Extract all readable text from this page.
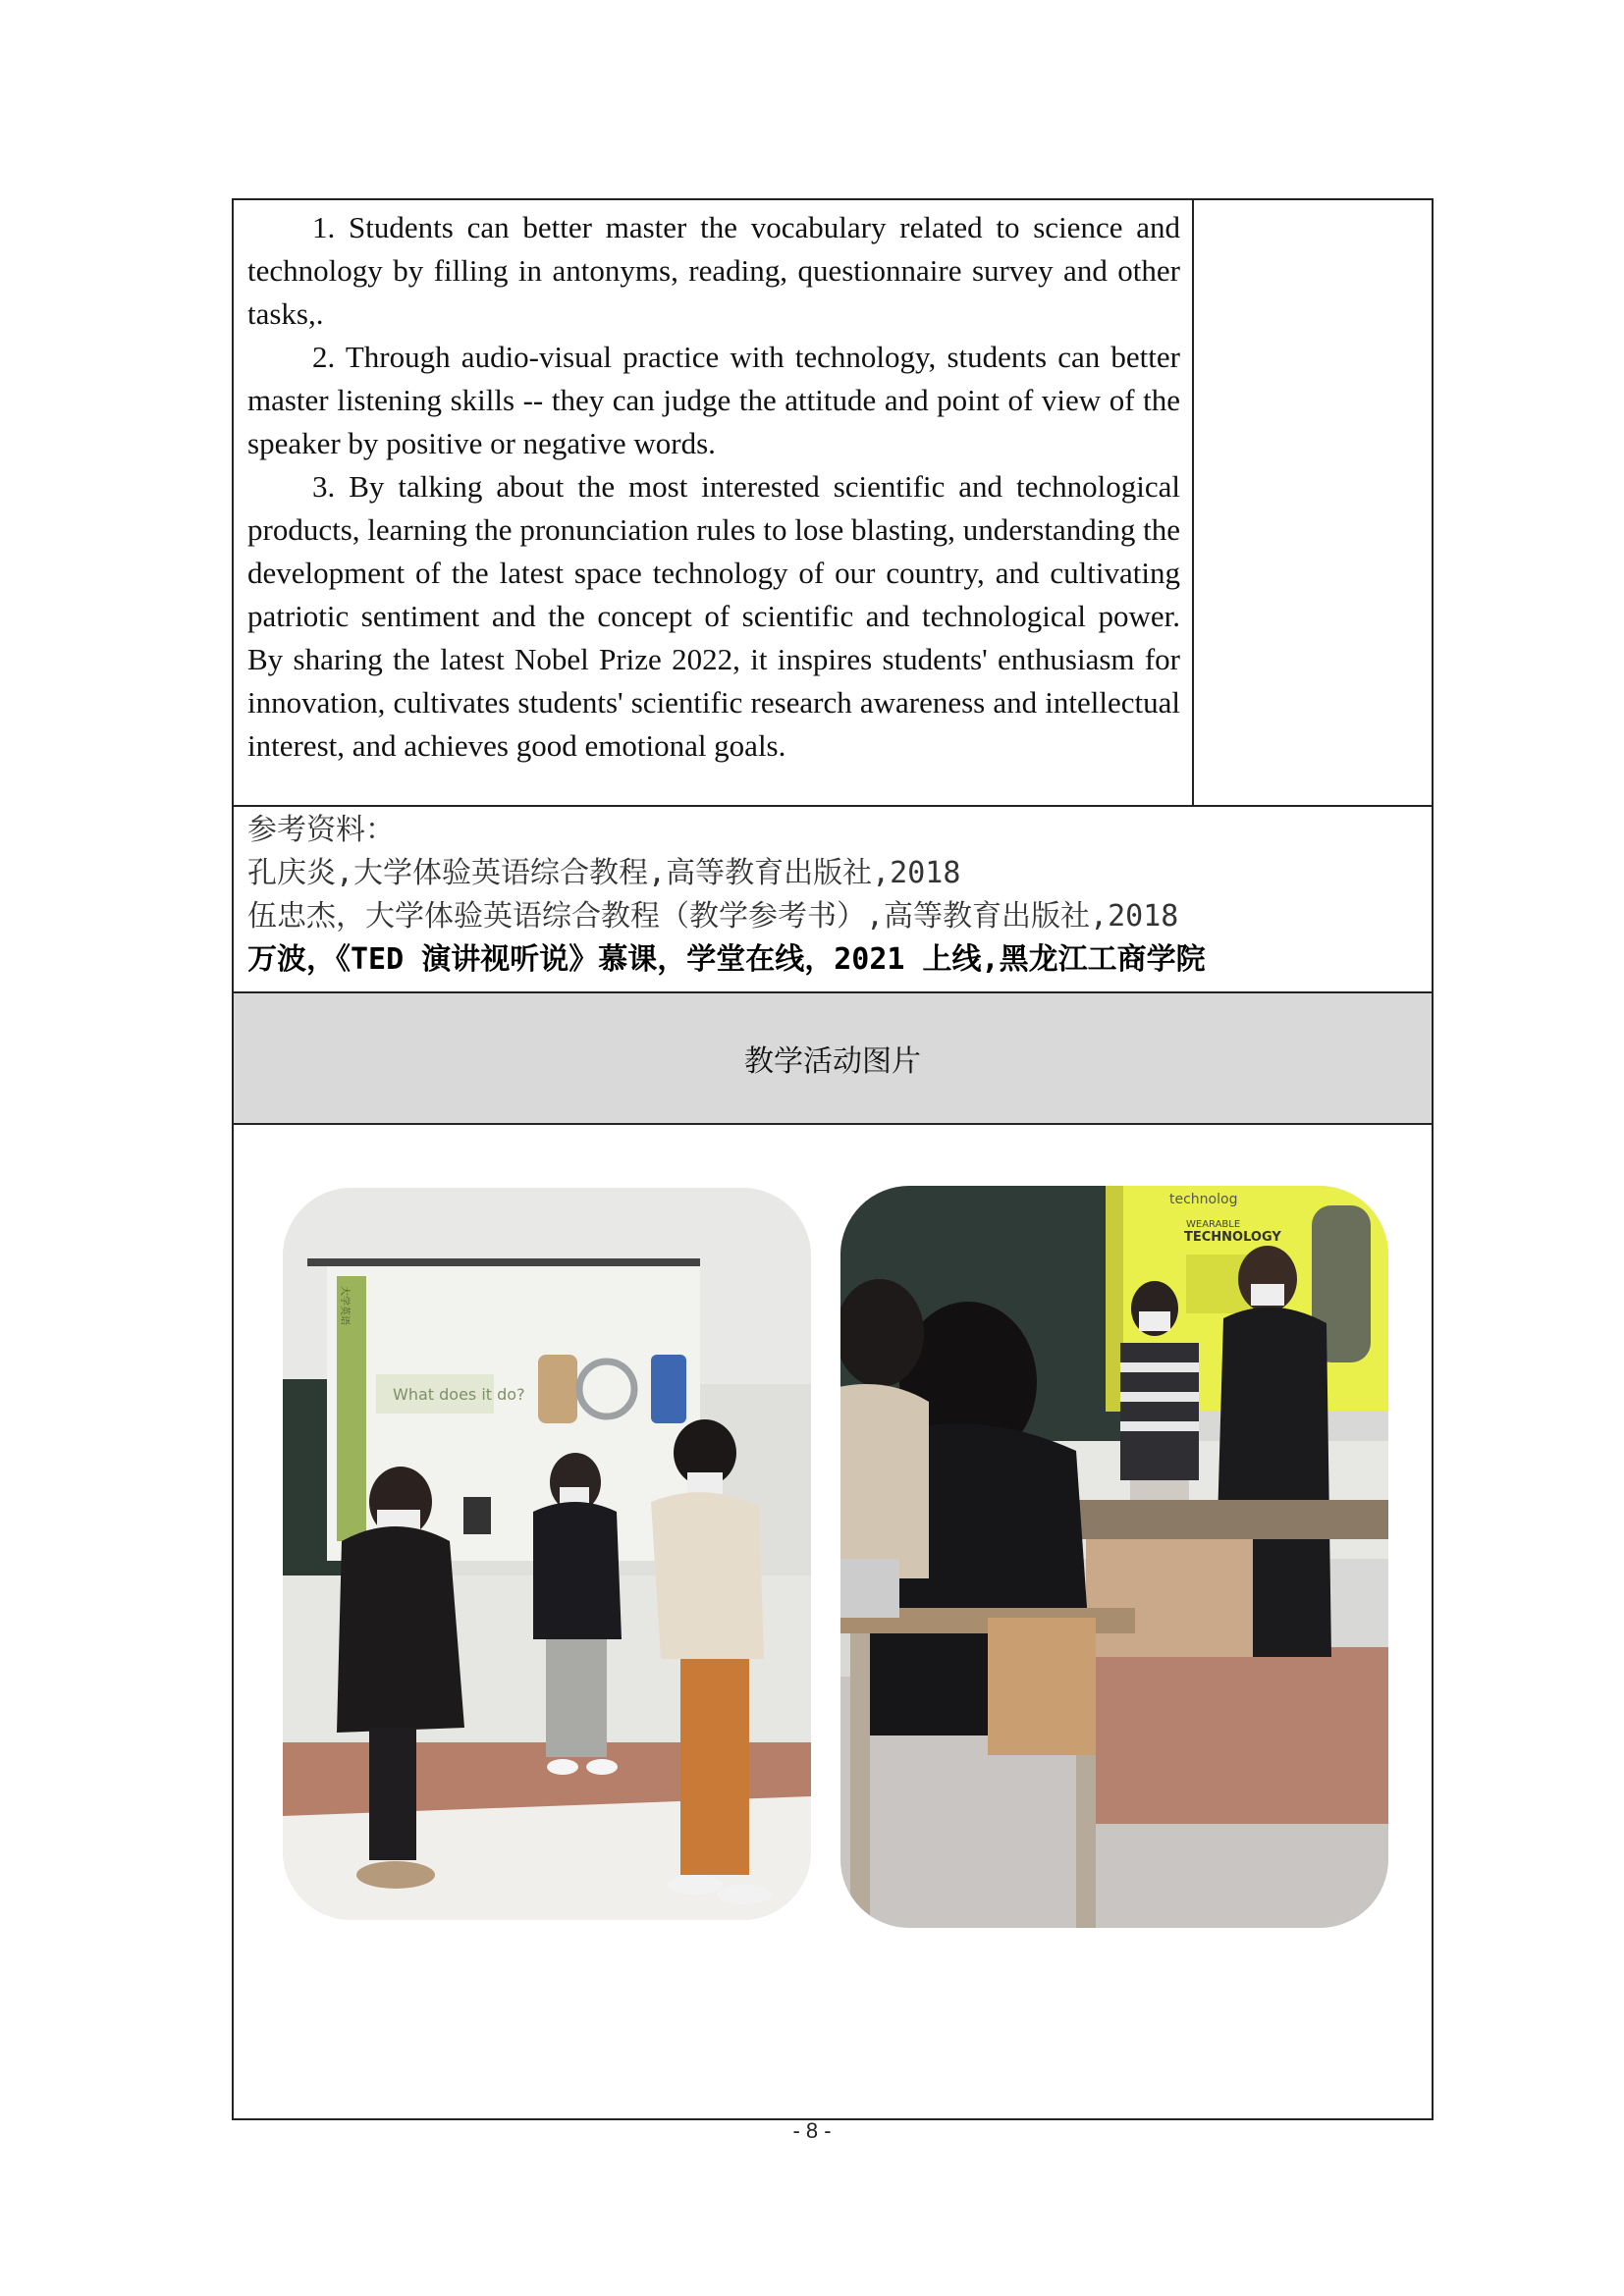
1. Students can better master the vocabulary related to science and technology by filling in antonyms, reading, questionnaire survey and other tasks,.

2. Through audio-visual practice with technology, students can better master listening skills -- they can judge the attitude and point of view of the speaker by positive or negative words.

3. By talking about the most interested scientific and technological products, learning the pronunciation rules to lose blasting, understanding the development of the latest space technology of our country, and cultivating patriotic sentiment and the concept of scientific and technological power. By sharing the latest Nobel Prize 2022, it inspires students' enthusiasm for innovation, cultivates students' scientific research awareness and intellectual interest, and achieves good emotional goals.

参考资料：

孔庆炎,大学体验英语综合教程,高等教育出版社,2018

伍忠杰，大学体验英语综合教程（教学参考书）,高等教育出版社,2018

万波，《TED 演讲视听说》慕课，学堂在线，2021 上线,黑龙江工商学院

教学活动图片
What does it do?
大学英语
technolog
WEARABLE
TECHNOLOGY
- 8 -
